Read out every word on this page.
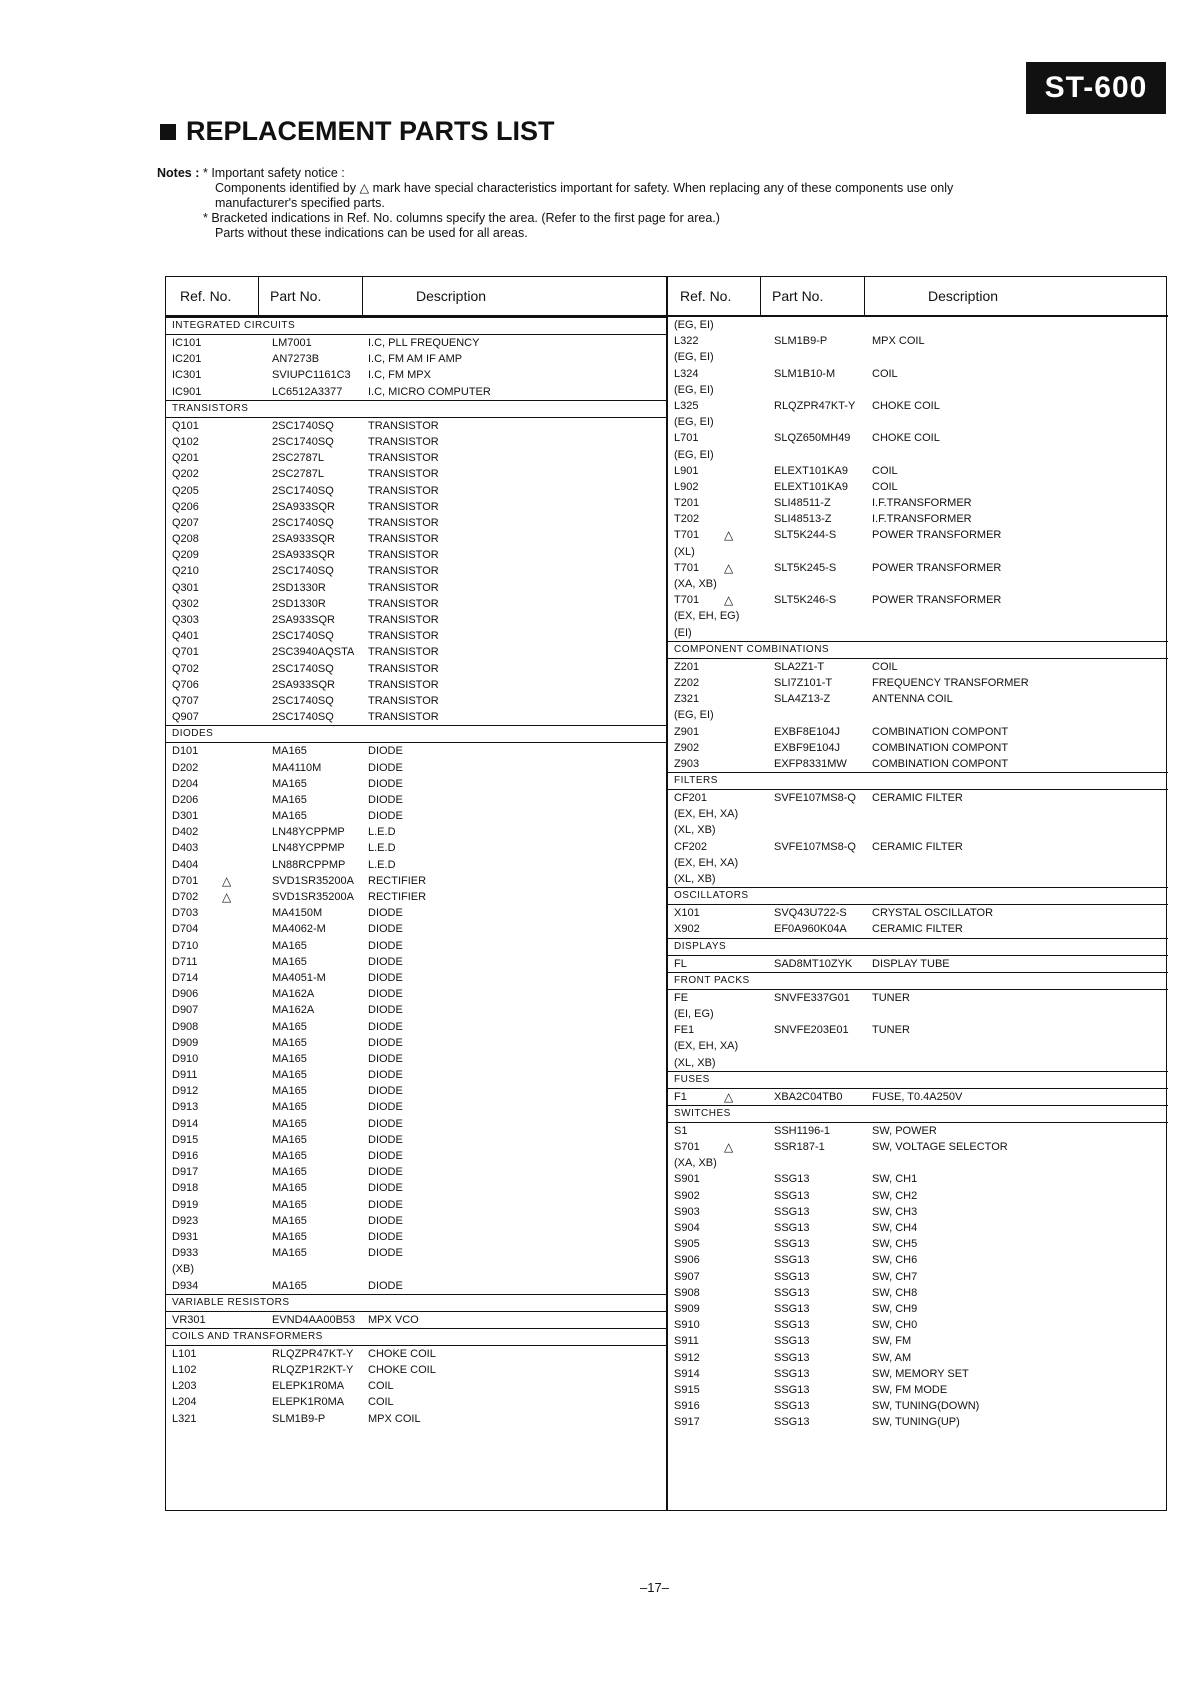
ST-600
REPLACEMENT PARTS LIST
Notes : * Important safety notice :
Components identified by △ mark have special characteristics important for safety. When replacing any of these components use only
manufacturer's specified parts.
* Bracketed indications in Ref. No. columns specify the area. (Refer to the first page for area.)
Parts without these indications can be used for all areas.
Ref. No.	Part No.	Description
INTEGRATED CIRCUITS
IC101	LM7001	I.C, PLL FREQUENCY
IC201	AN7273B	I.C, FM AM IF AMP
IC301	SVIUPC1161C3 I.C, FM MPX
IC901	LC6512A3377 I.C, MICRO COMPUTER
TRANSISTORS
Q101	2SC1740SQ	TRANSISTOR
Q102	2SC1740SQ	TRANSISTOR
Q201	2SC2787L	TRANSISTOR
Q202	2SC2787L	TRANSISTOR
Q205	2SC1740SQ	TRANSISTOR
Q206	2SA933SQR	TRANSISTOR
Q207	2SC1740SQ	TRANSISTOR
Q208	2SA933SQR	TRANSISTOR
Q209	2SA933SQR	TRANSISTOR
Q210	2SC1740SQ	TRANSISTOR
Q301	2SD1330R	TRANSISTOR
Q302	2SD1330R	TRANSISTOR
Q303	2SA933SQR	TRANSISTOR
Q401	2SC1740SQ	TRANSISTOR
Q701	2SC3940AQSTA TRANSISTOR
Q702	2SC1740SQ	TRANSISTOR
Q706	2SA933SQR	TRANSISTOR
Q707	2SC1740SQ	TRANSISTOR
Q907	2SC1740SQ	TRANSISTOR
DIODES
D101	MA165	DIODE
D202	MA4110M	DIODE
D204	MA165	DIODE
D206	MA165	DIODE
D301	MA165	DIODE
D402	LN48YCPPMP L.E.D
D403	LN48YCPPMP L.E.D
D404	LN88RCPPMP L.E.D
D701 △	SVD1SR35200A RECTIFIER
D702 △	SVD1SR35200A RECTIFIER
D703	MA4150M	DIODE
D704	MA4062-M	DIODE
D710	MA165	DIODE
D711	MA165	DIODE
D714	MA4051-M	DIODE
D906	MA162A	DIODE
D907	MA162A	DIODE
D908	MA165	DIODE
D909	MA165	DIODE
D910	MA165	DIODE
D911	MA165	DIODE
D912	MA165	DIODE
D913	MA165	DIODE
D914	MA165	DIODE
D915	MA165	DIODE
D916	MA165	DIODE
D917	MA165	DIODE
D918	MA165	DIODE
D919	MA165	DIODE
D923	MA165	DIODE
D931	MA165	DIODE
D933	MA165	DIODE
(XB)
D934	MA165	DIODE
VARIABLE RESISTORS
VR301	EVND4AA00B53 MPX VCO
COILS AND TRANSFORMERS
L101	RLQZPR47KT-Y CHOKE COIL
L102	RLQZP1R2KT-Y CHOKE COIL
L203	ELEPK1R0MA COIL
L204	ELEPK1R0MA COIL
L321	SLM1B9-P	MPX COIL
Ref. No.	Part No.	Description
(EG, EI)
L322	SLM1B9-P	MPX COIL
(EG, EI)
L324	SLM1B10-M	COIL
(EG, EI)
L325	RLQZPR47KT-Y CHOKE COIL
(EG, EI)
L701	SLQZ650MH49 CHOKE COIL
(EG, EI)
L901	ELEXT101KA9 COIL
L902	ELEXT101KA9 COIL
T201	SLI48511-Z	I.F.TRANSFORMER
T202	SLI48513-Z	I.F.TRANSFORMER
T701 △	SLT5K244-S	POWER TRANSFORMER
(XL)
T701 △	SLT5K245-S	POWER TRANSFORMER
(XA, XB)
T701 △	SLT5K246-S	POWER TRANSFORMER
(EX, EH, EG)
(EI)
COMPONENT COMBINATIONS
Z201	SLA2Z1-T	COIL
Z202	SLI7Z101-T	FREQUENCY TRANSFORMER
Z321	SLA4Z13-Z	ANTENNA COIL
(EG, EI)
Z901	EXBF8E104J	COMBINATION COMPONT
Z902	EXBF9E104J	COMBINATION COMPONT
Z903	EXFP8331MW COMBINATION COMPONT
FILTERS
CF201	SVFE107MS8-Q CERAMIC FILTER
(EX, EH, XA)
(XL, XB)
CF202	SVFE107MS8-Q CERAMIC FILTER
(EX, EH, XA)
(XL, XB)
OSCILLATORS
X101	SVQ43U722-S CRYSTAL OSCILLATOR
X902	EF0A960K04A CERAMIC FILTER
DISPLAYS
FL	SAD8MT10ZYK DISPLAY TUBE
FRONT PACKS
FE	SNVFE337G01 TUNER
(EI, EG)
FE1	SNVFE203E01 TUNER
(EX, EH, XA)
(XL, XB)
FUSES
F1	△	XBA2C04TB0	FUSE, T0.4A250V
SWITCHES
S1	SSH1196-1	SW, POWER
S701 △	SSR187-1	SW, VOLTAGE SELECTOR
(XA, XB)
S901	SSG13	SW, CH1
S902	SSG13	SW, CH2
S903	SSG13	SW, CH3
S904	SSG13	SW, CH4
S905	SSG13	SW, CH5
S906	SSG13	SW, CH6
S907	SSG13	SW, CH7
S908	SSG13	SW, CH8
S909	SSG13	SW, CH9
S910	SSG13	SW, CH0
S911	SSG13	SW, FM
S912	SSG13	SW, AM
S914	SSG13	SW, MEMORY SET
S915	SSG13	SW, FM MODE
S916	SSG13	SW, TUNING(DOWN)
S917	SSG13	SW, TUNING(UP)
–17–
